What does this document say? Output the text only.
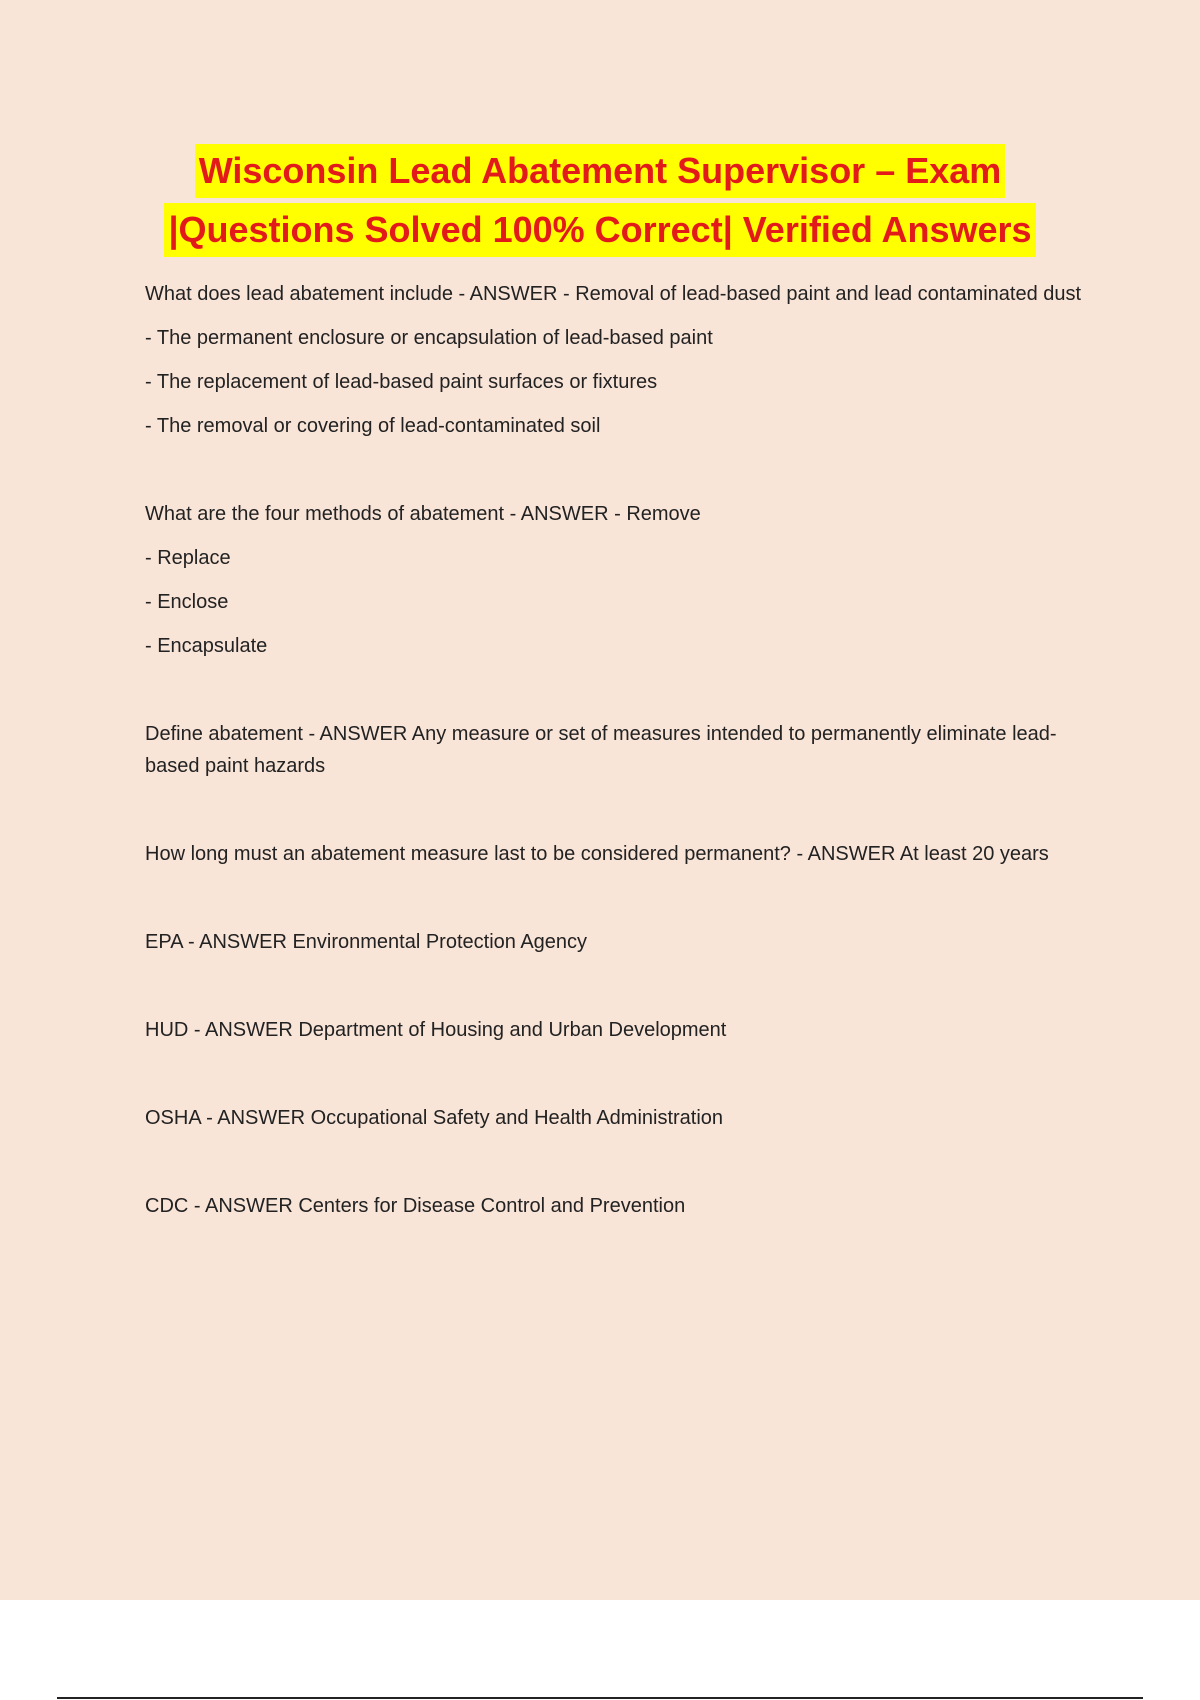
Wisconsin Lead Abatement Supervisor – Exam
|Questions Solved 100% Correct| Verified Answers

What does lead abatement include - ANSWER - Removal of lead-based paint and lead contaminated dust

- The permanent enclosure or encapsulation of lead-based paint

- The replacement of lead-based paint surfaces or fixtures

- The removal or covering of lead-contaminated soil

What are the four methods of abatement - ANSWER - Remove

- Replace

- Enclose

- Encapsulate

Define abatement - ANSWER Any measure or set of measures intended to permanently eliminate lead-based paint hazards

How long must an abatement measure last to be considered permanent? - ANSWER At least 20 years

EPA - ANSWER Environmental Protection Agency

HUD - ANSWER Department of Housing and Urban Development

OSHA - ANSWER Occupational Safety and Health Administration

CDC - ANSWER Centers for Disease Control and Prevention
